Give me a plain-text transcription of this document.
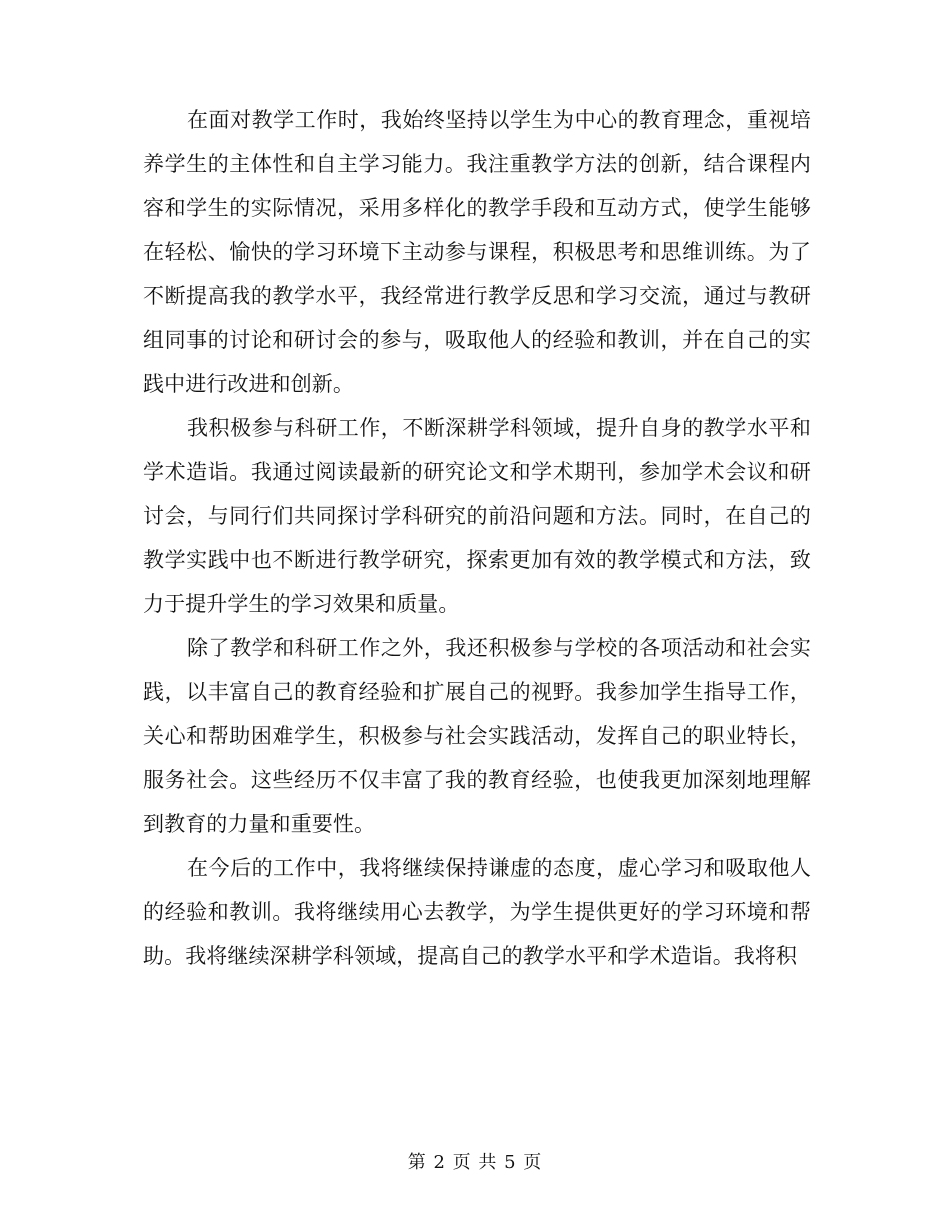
在面对教学工作时，我始终坚持以学生为中心的教育理念，重视培养学生的主体性和自主学习能力。我注重教学方法的创新，结合课程内容和学生的实际情况，采用多样化的教学手段和互动方式，使学生能够在轻松、愉快的学习环境下主动参与课程，积极思考和思维训练。为了不断提高我的教学水平，我经常进行教学反思和学习交流，通过与教研组同事的讨论和研讨会的参与，吸取他人的经验和教训，并在自己的实践中进行改进和创新。

我积极参与科研工作，不断深耕学科领域，提升自身的教学水平和学术造诣。我通过阅读最新的研究论文和学术期刊，参加学术会议和研讨会，与同行们共同探讨学科研究的前沿问题和方法。同时，在自己的教学实践中也不断进行教学研究，探索更加有效的教学模式和方法，致力于提升学生的学习效果和质量。

除了教学和科研工作之外，我还积极参与学校的各项活动和社会实践，以丰富自己的教育经验和扩展自己的视野。我参加学生指导工作，关心和帮助困难学生，积极参与社会实践活动，发挥自己的职业特长，服务社会。这些经历不仅丰富了我的教育经验，也使我更加深刻地理解到教育的力量和重要性。

在今后的工作中，我将继续保持谦虚的态度，虚心学习和吸取他人的经验和教训。我将继续用心去教学，为学生提供更好的学习环境和帮助。我将继续深耕学科领域，提高自己的教学水平和学术造诣。我将积

第 2 页 共 5 页
